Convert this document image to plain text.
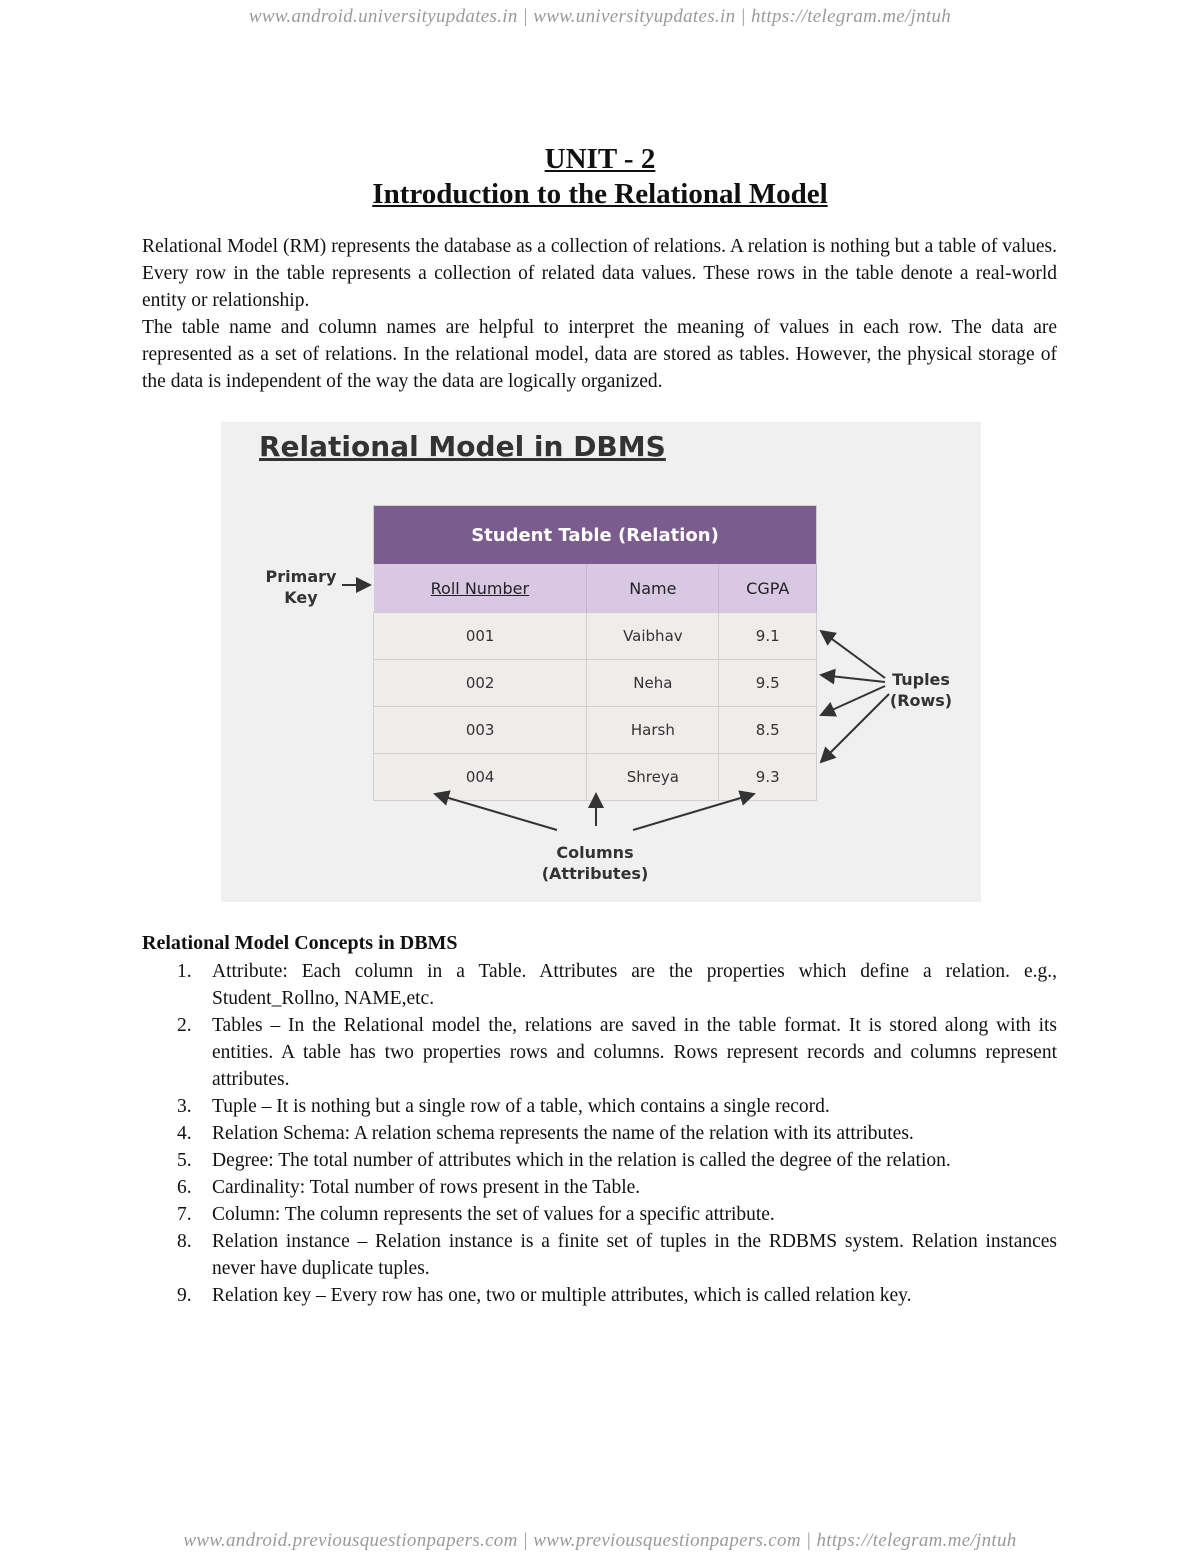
www.android.universityupdates.in | www.universityupdates.in | https://telegram.me/jntuh
UNIT - 2
Introduction to the Relational Model
Relational Model (RM) represents the database as a collection of relations. A relation is nothing but a table of values. Every row in the table represents a collection of related data values. These rows in the table denote a real-world entity or relationship.
The table name and column names are helpful to interpret the meaning of values in each row. The data are represented as a set of relations. In the relational model, data are stored as tables. However, the physical storage of the data is independent of the way the data are logically organized.
Relational Model in DBMS
Student Table (Relation)		
Roll Number	Name	CGPA
001	Vaibhav	9.1
002	Neha	9.5
003	Harsh	8.5
004	Shreya	9.3
Primary
Key
Tuples
(Rows)
Columns
(Attributes)
Relational Model Concepts in DBMS
1. Attribute: Each column in a Table. Attributes are the properties which define a relation. e.g., Student_Rollno, NAME,etc.
2. Tables – In the Relational model the, relations are saved in the table format. It is stored along with its entities. A table has two properties rows and columns. Rows represent records and columns represent attributes.
3. Tuple – It is nothing but a single row of a table, which contains a single record.
4. Relation Schema: A relation schema represents the name of the relation with its attributes.
5. Degree: The total number of attributes which in the relation is called the degree of the relation.
6. Cardinality: Total number of rows present in the Table.
7. Column: The column represents the set of values for a specific attribute.
8. Relation instance – Relation instance is a finite set of tuples in the RDBMS system. Relation instances never have duplicate tuples.
9. Relation key – Every row has one, two or multiple attributes, which is called relation key.
www.android.previousquestionpapers.com | www.previousquestionpapers.com | https://telegram.me/jntuh
